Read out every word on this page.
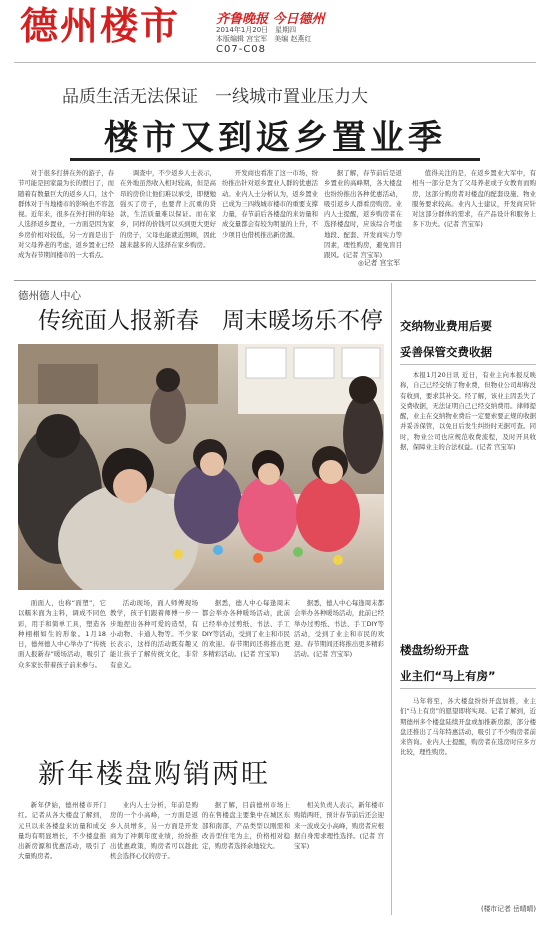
德州楼市	齐鲁晚报 今日德州
2014年1月20日　星期四
本版编辑 宫宝军　美编 赵燕红
C07-C08
品质生活无法保证　一线城市置业压力大
楼市又到返乡置业季

对于很多打拼在外的游子，春节可能是回家最为长的假日了，而随着有数量巨大的返乡人口，这个群体对于当地楼市的影响也不容忽视。近年来，很多在外打拼的年轻人选择返乡置业，一方面是因为家乡房价相对较低，另一方面是出于对父母养老的考虑，返乡置业已经成为春节期间楼市的一大看点。

调查中，不少返乡人士表示，在外地虽然收入相对较高，但是高昂的房价让他们难以承受，即便勉强买了房子，也要背上沉重的贷款，生活质量难以保证。而在家乡，同样的价钱可以买到更大更好的房子，父母也能就近照顾，因此越来越多的人选择在家乡购房。

开发商也看准了这一市场，纷纷推出针对返乡置业人群的优惠活动。业内人士分析认为，返乡置业已成为三四线城市楼市的重要支撑力量，春节前后各楼盘的来访量和成交量都会有较为明显的上升，不少项目也借机推出新房源。

据了解，春节前后是返乡置业的高峰期，各大楼盘也纷纷推出各种优惠活动，吸引返乡人群看房购房。业内人士提醒，返乡购房者在选择楼盘时，应该综合考虑地段、配套、开发商实力等因素，理性购房，避免盲目跟风。(记者 宫宝军)

◎记者 宫宝军

值得关注的是，在返乡置业大军中，有相当一部分是为了父母养老或子女教育而购房，这部分购房者对楼盘的配套设施、物业服务要求较高。业内人士建议，开发商应针对这部分群体的需求，在产品设计和服务上多下功夫。(记者 宫宝军)

德州德人中心
传统面人报新春　周末暖场乐不停

面面人，也称“面塑”，它以糯米面为主料，调成不同色彩，用手和简单工具，塑造各种栩栩如生的形象。1月18日，德州德人中心举办了“传统面人报新春”暖场活动，吸引了众多家长带着孩子前来参与。

活动现场，面人师傅现场教学，孩子们跟着师傅一步一步地捏出各种可爱的造型，有小动物、卡通人物等。不少家长表示，这样的活动既有趣又能让孩子了解传统文化，非常有意义。

据悉，德人中心每逢周末都会举办各种暖场活动，此前已经举办过剪纸、书法、手工DIY等活动，受到了业主和市民的欢迎。春节期间还将推出更多精彩活动。(记者 宫宝军)

据悉，德人中心每逢周末都会举办各种暖场活动，此前已经举办过剪纸、书法、手工DIY等活动，受到了业主和市民的欢迎。春节期间还将推出更多精彩活动。(记者 宫宝军)

新年楼盘购销两旺

新年伊始，德州楼市开门红。记者从各大楼盘了解到，元旦以来各楼盘来访量和成交量均有明显增长，不少楼盘推出新房源和优惠活动，吸引了大量购房者。

业内人士分析，年前是购房的一个小高峰，一方面是返乡人员增多，另一方面是开发商为了冲刺年度业绩，纷纷推出优惠政策，购房者可以趁此机会选择心仪的房子。

据了解，目前德州市场上的在售楼盘主要集中在城区东部和南部，产品类型以刚需和改善型住宅为主，价格相对稳定，购房者选择余地较大。

相关负责人表示，新年楼市购销两旺，预计春节前后还会迎来一波成交小高峰，购房者应根据自身需求理性选择。(记者 宫宝军)

交纳物业费用后要
妥善保管交费收据

本报1月20日讯 近日，有业主向本报反映称，自己已经交纳了物业费，但物业公司却称没有收到，要求其补交。经了解，该业主因丢失了交费收据，无法证明自己已经交纳费用。律师提醒，业主在交纳物业费后一定要索要正规的收据并妥善保管，以免日后发生纠纷时无据可查。同时，物业公司也应规范收费流程，及时开具收据，保障业主的合法权益。(记者 宫宝军)

楼盘纷纷开盘
业主们“马上有房”

马年将至，各大楼盘纷纷开盘加推，业主们“马上有房”的愿望即将实现。记者了解到，近期德州多个楼盘陆续开盘或加推新房源，部分楼盘还推出了马年特惠活动，吸引了不少购房者前来咨询。业内人士提醒，购房者在选房时应多方比较，理性购房。

(楼市记者 岳晴晴)
